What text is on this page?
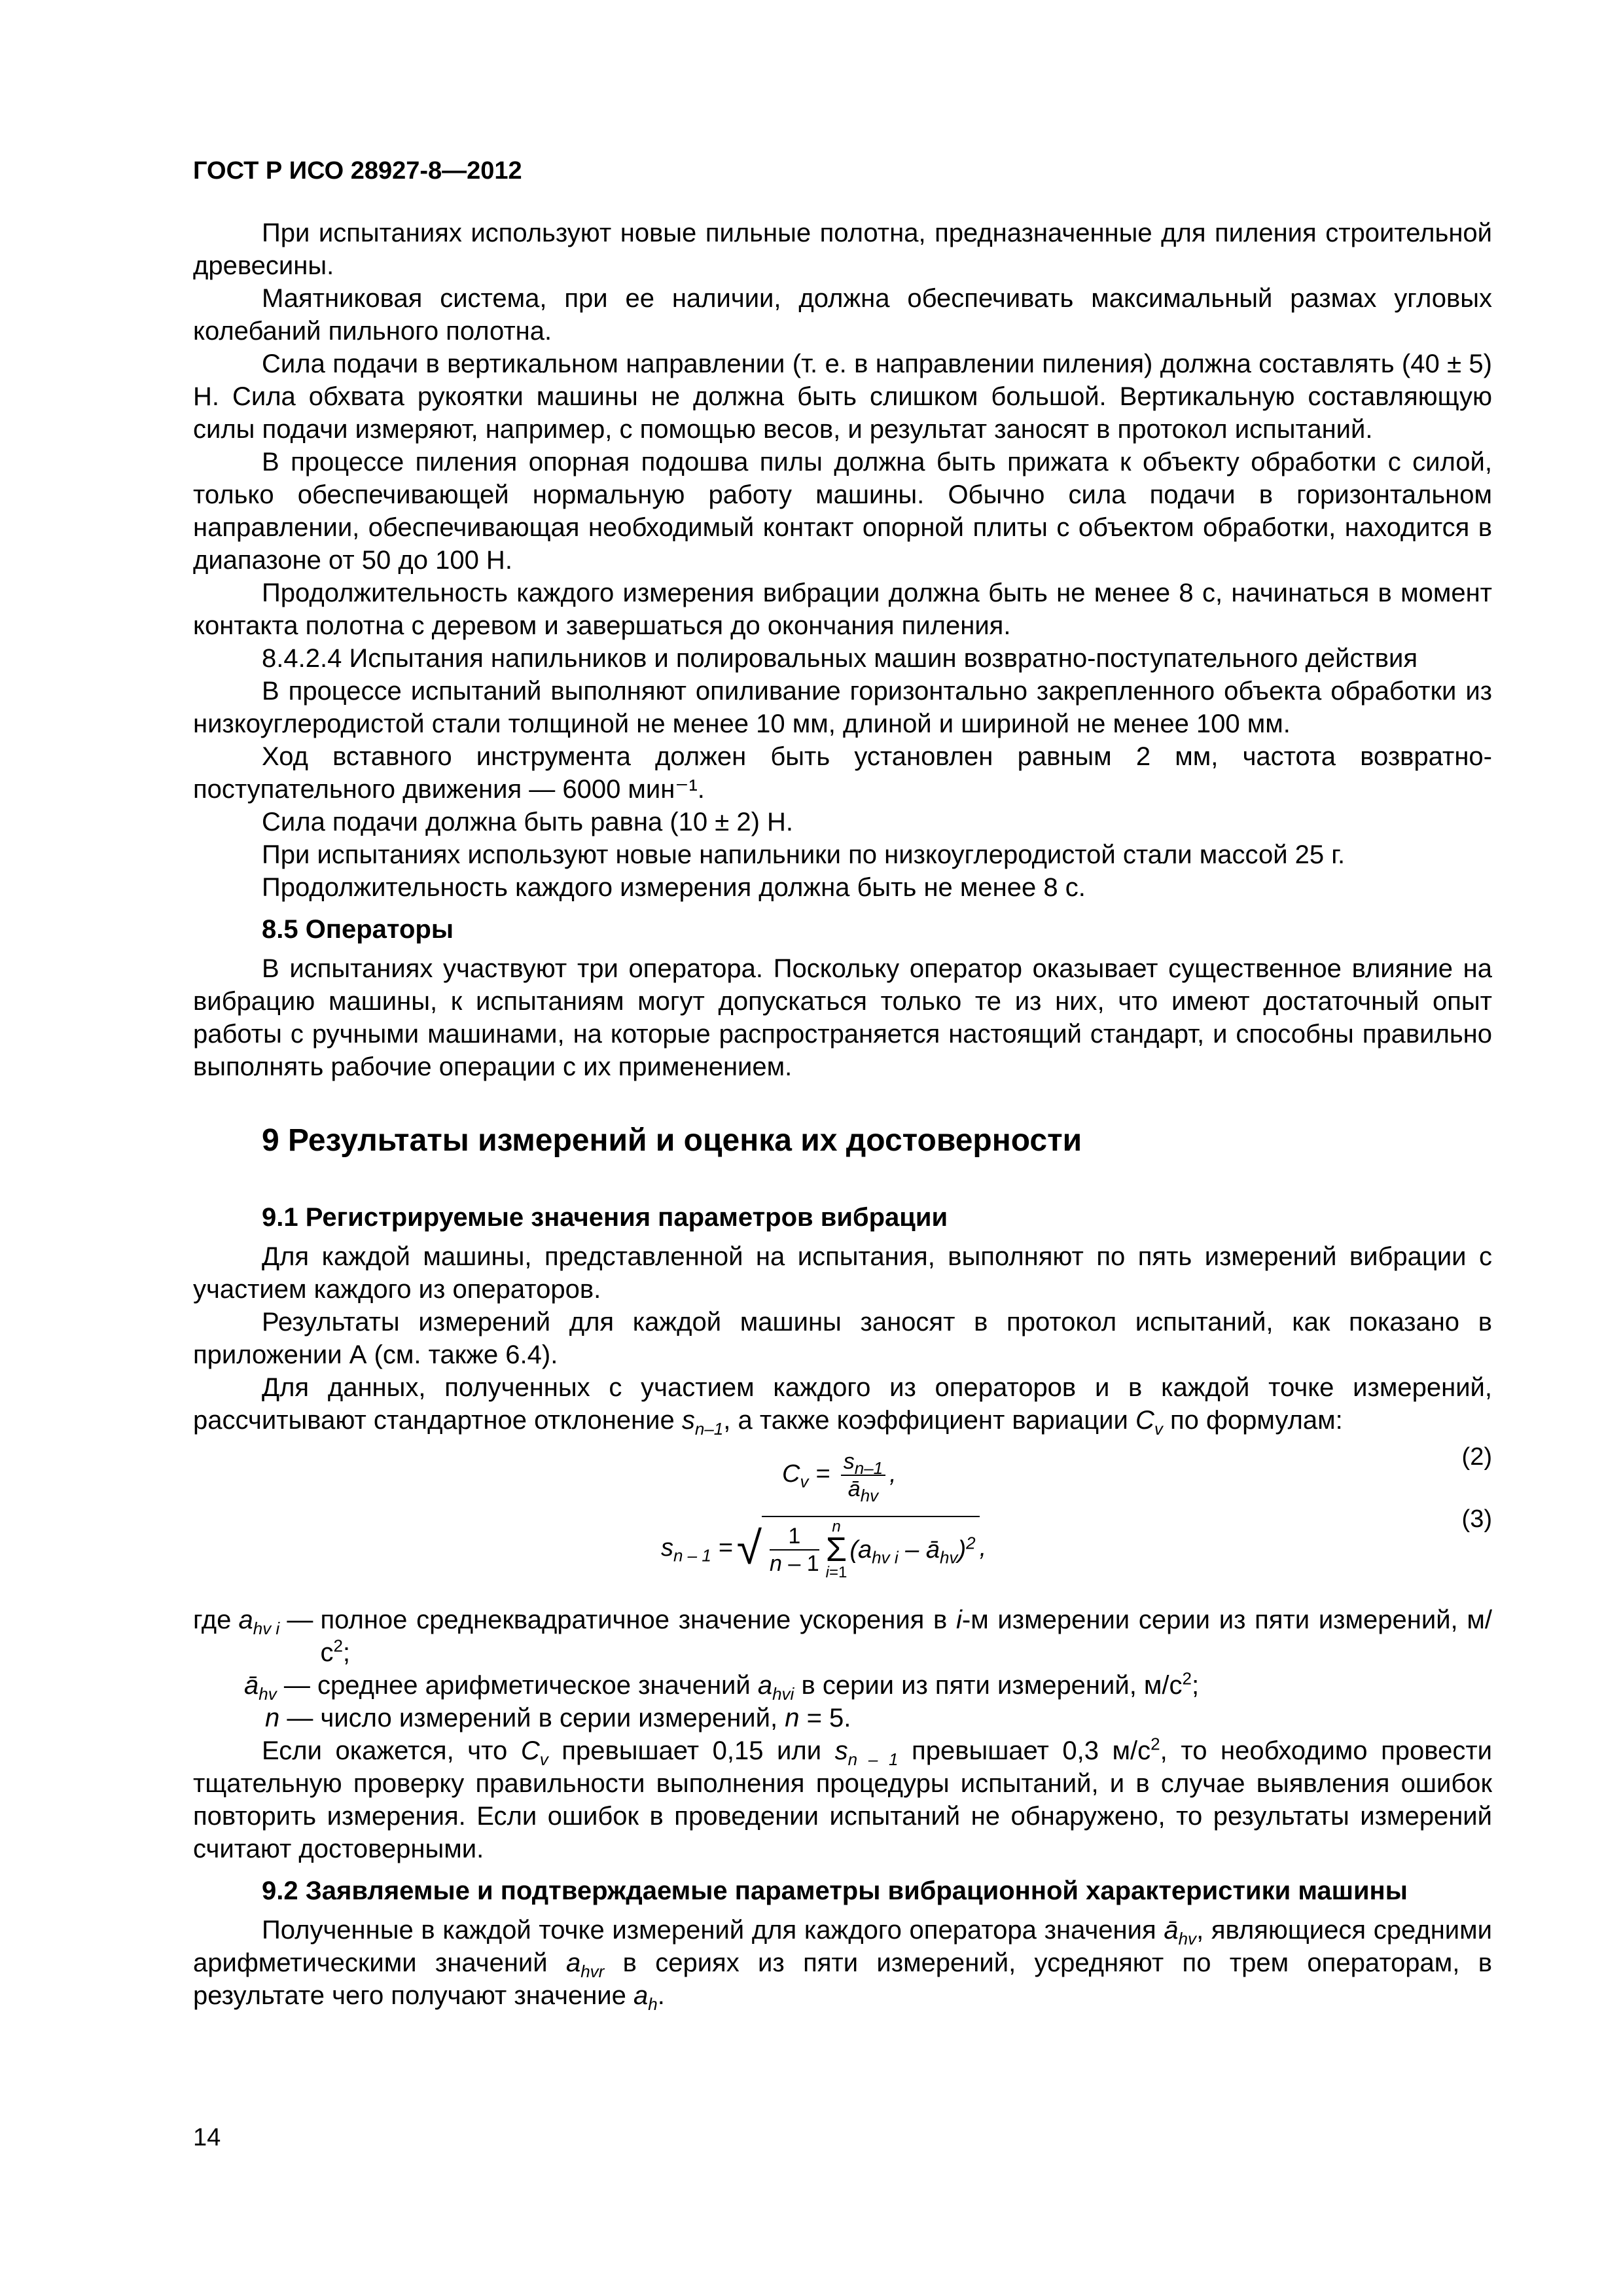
ГОСТ Р ИСО 28927-8—2012

При испытаниях используют новые пильные полотна, предназначенные для пиления строительной древесины.

Маятниковая система, при ее наличии, должна обеспечивать максимальный размах угловых колебаний пильного полотна.

Сила подачи в вертикальном направлении (т. е. в направлении пиления) должна составлять (40 ± 5) Н. Сила обхвата рукоятки машины не должна быть слишком большой. Вертикальную составляющую силы подачи измеряют, например, с помощью весов, и результат заносят в протокол испытаний.

В процессе пиления опорная подошва пилы должна быть прижата к объекту обработки с силой, только обеспечивающей нормальную работу машины. Обычно сила подачи в горизонтальном направлении, обеспечивающая необходимый контакт опорной плиты с объектом обработки, находится в диапазоне от 50 до 100 Н.

Продолжительность каждого измерения вибрации должна быть не менее 8 с, начинаться в момент контакта полотна с деревом и завершаться до окончания пиления.

8.4.2.4 Испытания напильников и полировальных машин возвратно-поступательного действия

В процессе испытаний выполняют опиливание горизонтально закрепленного объекта обработки из низкоуглеродистой стали толщиной не менее 10 мм, длиной и шириной не менее 100 мм.

Ход вставного инструмента должен быть установлен равным 2 мм, частота возвратно-поступательного движения — 6000 мин⁻¹.

Сила подачи должна быть равна (10 ± 2) Н.

При испытаниях используют новые напильники по низкоуглеродистой стали массой 25 г.

Продолжительность каждого измерения должна быть не менее 8 с.

8.5 Операторы

В испытаниях участвуют три оператора. Поскольку оператор оказывает существенное влияние на вибрацию машины, к испытаниям могут допускаться только те из них, что имеют достаточный опыт работы с ручными машинами, на которые распространяется настоящий стандарт, и способны правильно выполнять рабочие операции с их применением.

9 Результаты измерений и оценка их достоверности
9.1 Регистрируемые значения параметров вибрации

Для каждой машины, представленной на испытания, выполняют по пять измерений вибрации с участием каждого из операторов.

Результаты измерений для каждой машины заносят в протокол испытаний, как показано в приложении А (см. также 6.4).

Для данных, полученных с участием каждого из операторов и в каждой точке измерений, рассчитывают стандартное отклонение $s_{n-1}$, а также коэффициент вариации $C_v$ по формулам:

$C_v = \frac{s_{n-1}}{ā_{hv}}$ ,
(2)
$s_{n - 1}$ = √ $\frac{1}{n - 1}$ n
Σ
i=1
($a_{hv i}$ – $ā_{hv})^2$ ,
(3)
где $a_{hv i}$ — полное среднеквадратичное значение ускорения в i-м измерении серии из пяти измерений, $м/с^2$;
$ā_{hv}$ — среднее арифметическое значений $a_{hvi}$ в серии из пяти измерений, $м/с^2$;
n — число измерений в серии измерений, n = 5.

Если окажется, что $C_v$ превышает 0,15 или $s_{n - 1}$ превышает 0,3 $м/с^2$, то необходимо провести тщательную проверку правильности выполнения процедуры испытаний, и в случае выявления ошибок повторить измерения. Если ошибок в проведении испытаний не обнаружено, то результаты измерений считают достоверными.

9.2 Заявляемые и подтверждаемые параметры вибрационной характеристики машины

Полученные в каждой точке измерений для каждого оператора значения $ā_{hv}$, являющиеся средними арифметическими значений $a_{hvr}$ в сериях из пяти измерений, усредняют по трем операторам, в результате чего получают значение $a_h$.

14
